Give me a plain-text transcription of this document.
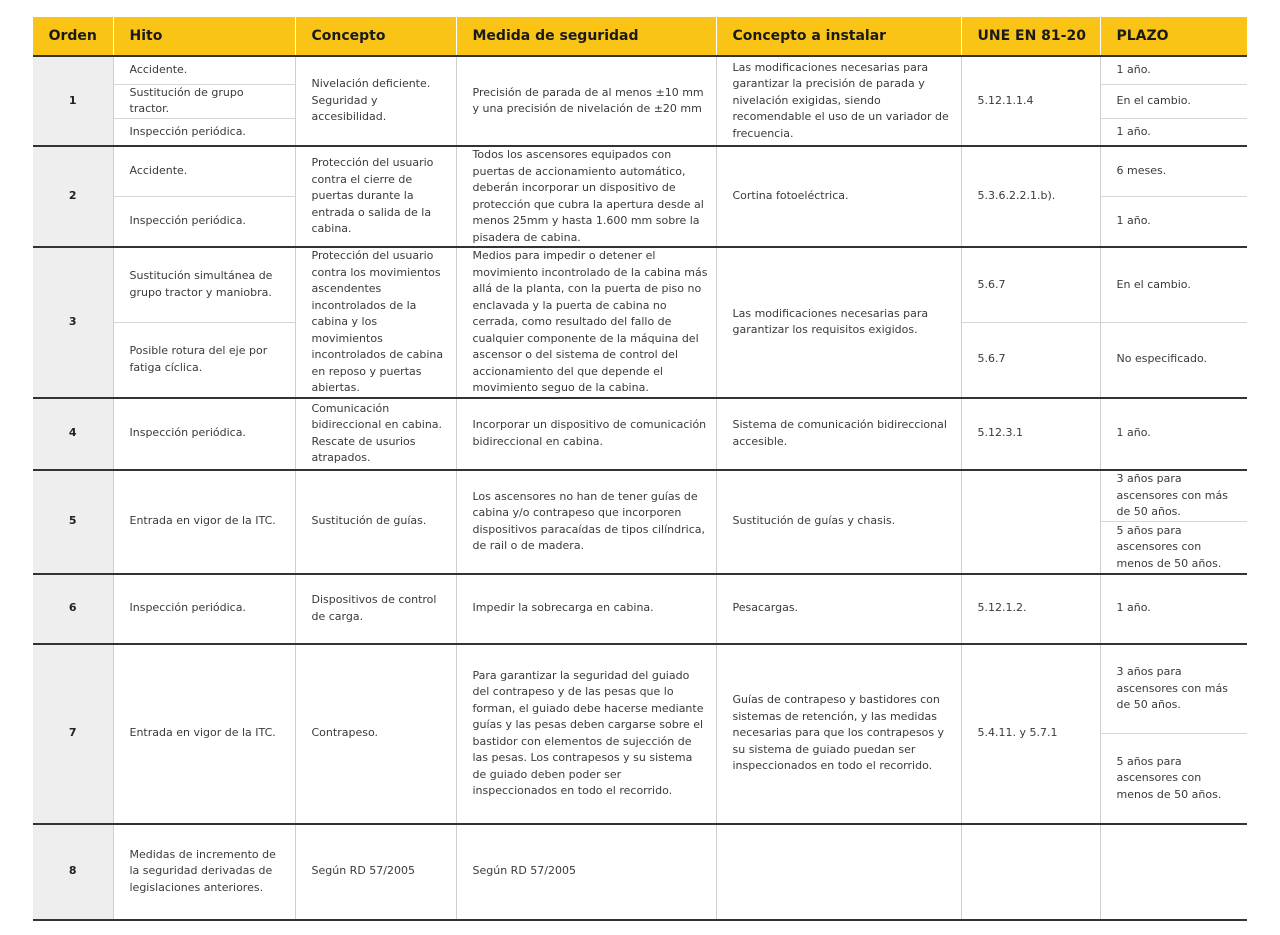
Orden	Hito	Concepto	Medida de seguridad	Concepto a instalar	UNE EN 81-20	PLAZO
1	Accidente.	Nivelación deficiente. Seguridad y accesibilidad.	Precisión de parada de al menos ±10 mm y una precisión de nivelación de ±20 mm	Las modificaciones necesarias para garantizar la precisión de parada y nivelación exigidas, siendo recomendable el uso de un variador de frecuencia.	5.12.1.1.4	1 año.
	Sustitución de grupo tractor.					En el cambio.
	Inspección periódica.					1 año.
2	Accidente.	Protección del usuario contra el cierre de puertas durante la entrada o salida de la cabina.	Todos los ascensores equipados con puertas de accionamiento automático, deberán incorporar un dispositivo de protección que cubra la apertura desde al menos 25mm y hasta 1.600 mm sobre la pisadera de cabina.	Cortina fotoeléctrica.	5.3.6.2.2.1.b).	6 meses.
	Inspección periódica.					1 año.
3	Sustitución simultánea de grupo tractor y maniobra.	Protección del usuario contra los movimientos ascendentes incontrolados de la cabina y los movimientos incontrolados de cabina en reposo y puertas abiertas.	Medios para impedir o detener el movimiento incontrolado de la cabina más allá de la planta, con la puerta de piso no enclavada y la puerta de cabina no cerrada, como resultado del fallo de cualquier componente de la máquina del ascensor o del sistema de control del accionamiento del que depende el movimiento seguo de la cabina.	Las modificaciones necesarias para garantizar los requisitos exigidos.	5.6.7	En el cambio.
	Posible rotura del eje por fatiga cíclica.				5.6.7	No especificado.
4	Inspección periódica.	Comunicación bidireccional en cabina. Rescate de usurios atrapados.	Incorporar un dispositivo de comunicación bidireccional en cabina.	Sistema de comunicación bidireccional accesible.	5.12.3.1	1 año.
5	Entrada en vigor de la ITC.	Sustitución de guías.	Los ascensores no han de tener guías de cabina y/o contrapeso que incorporen dispositivos paracaídas de tipos cilíndrica, de rail o de madera.	Sustitución de guías y chasis.		3 años para ascensores con más de 50 años.
						5 años para ascensores con menos de 50 años.
6	Inspección periódica.	Dispositivos de control de carga.	Impedir la sobrecarga en cabina.	Pesacargas.	5.12.1.2.	1 año.
7	Entrada en vigor de la ITC.	Contrapeso.	Para garantizar la seguridad del guiado del contrapeso y de las pesas que lo forman, el guiado debe hacerse mediante guías y las pesas deben cargarse sobre el bastidor con elementos de sujección de las pesas. Los contrapesos y su sistema de guiado deben poder ser inspeccionados en todo el recorrido.	Guías de contrapeso y bastidores con sistemas de retención, y las medidas necesarias para que los contrapesos y su sistema de guiado puedan ser inspeccionados en todo el recorrido.	5.4.11. y 5.7.1	3 años para ascensores con más de 50 años.
						5 años para ascensores con menos de 50 años.
8	Medidas de incremento de la seguridad derivadas de legislaciones anteriores.	Según RD 57/2005	Según RD 57/2005			
